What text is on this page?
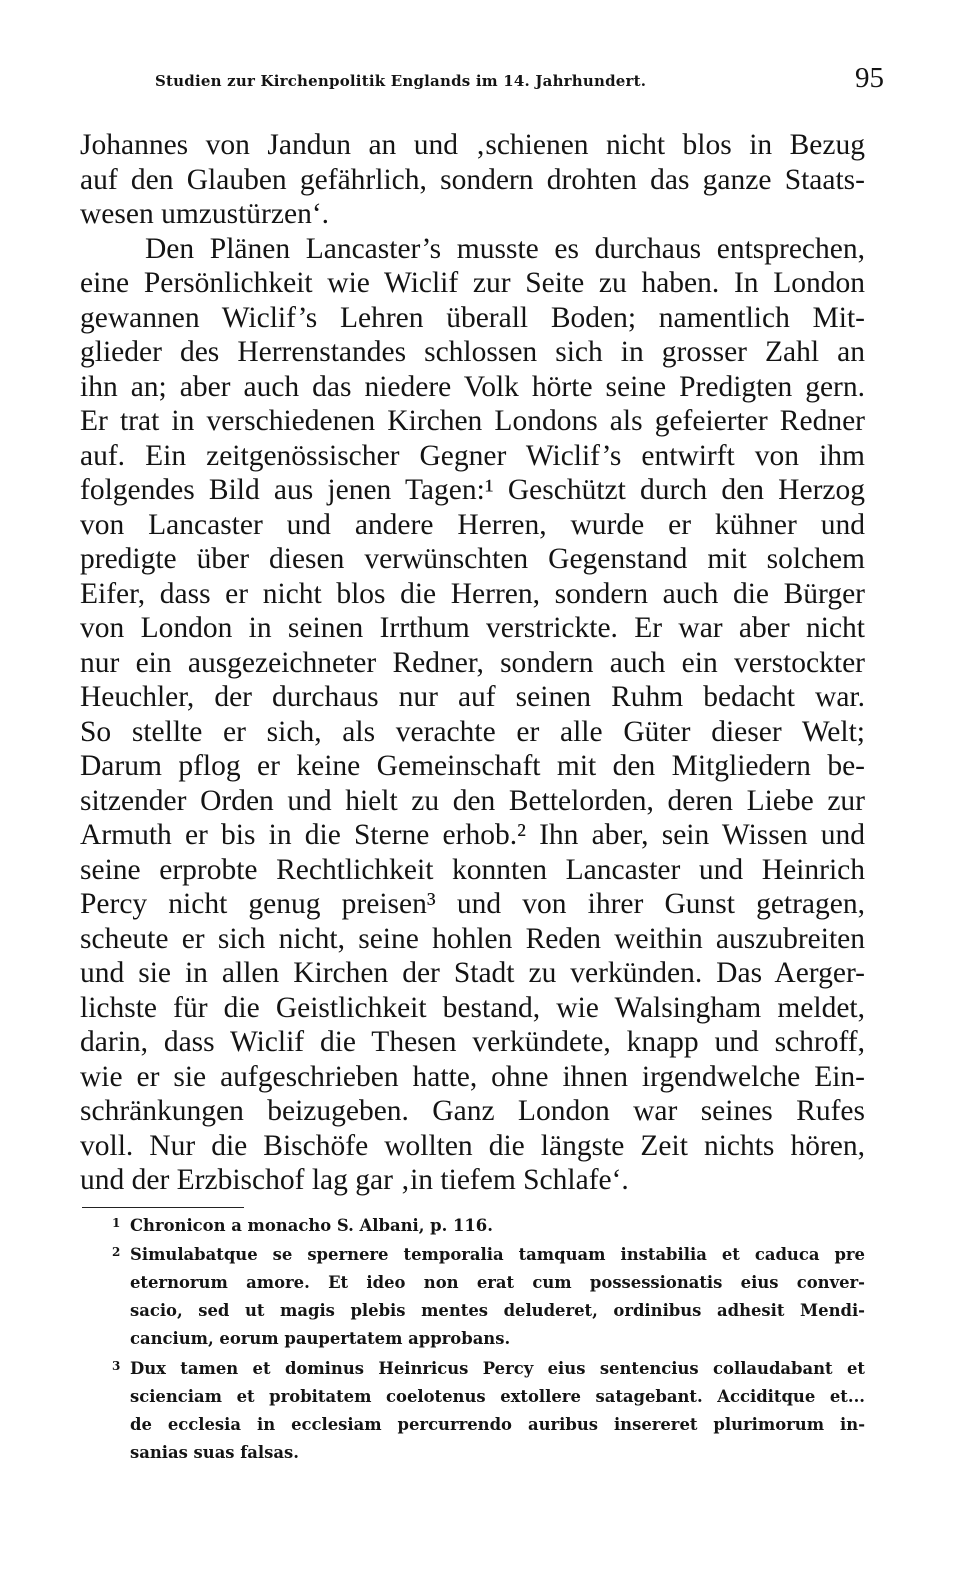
Studien zur Kirchenpolitik Englands im 14. Jahrhundert.	95
Johannes von Jandun an und ‚schienen nicht blos in Bezug
auf den Glauben gefährlich, sondern drohten das ganze Staats-
wesen umzustürzen‘.
Den Plänen Lancaster’s musste es durchaus entsprechen,
eine Persönlichkeit wie Wiclif zur Seite zu haben. In London
gewannen Wiclif’s Lehren überall Boden; namentlich Mit-
glieder des Herrenstandes schlossen sich in grosser Zahl an
ihn an; aber auch das niedere Volk hörte seine Predigten gern.
Er trat in verschiedenen Kirchen Londons als gefeierter Redner
auf. Ein zeitgenössischer Gegner Wiclif’s entwirft von ihm
folgendes Bild aus jenen Tagen:¹ Geschützt durch den Herzog
von Lancaster und andere Herren, wurde er kühner und
predigte über diesen verwünschten Gegenstand mit solchem
Eifer, dass er nicht blos die Herren, sondern auch die Bürger
von London in seinen Irrthum verstrickte. Er war aber nicht
nur ein ausgezeichneter Redner, sondern auch ein verstockter
Heuchler, der durchaus nur auf seinen Ruhm bedacht war.
So stellte er sich, als verachte er alle Güter dieser Welt;
Darum pflog er keine Gemeinschaft mit den Mitgliedern be-
sitzender Orden und hielt zu den Bettelorden, deren Liebe zur
Armuth er bis in die Sterne erhob.² Ihn aber, sein Wissen und
seine erprobte Rechtlichkeit konnten Lancaster und Heinrich
Percy nicht genug preisen³ und von ihrer Gunst getragen,
scheute er sich nicht, seine hohlen Reden weithin auszubreiten
und sie in allen Kirchen der Stadt zu verkünden. Das Aerger-
lichste für die Geistlichkeit bestand, wie Walsingham meldet,
darin, dass Wiclif die Thesen verkündete, knapp und schroff,
wie er sie aufgeschrieben hatte, ohne ihnen irgendwelche Ein-
schränkungen beizugeben. Ganz London war seines Rufes
voll. Nur die Bischöfe wollten die längste Zeit nichts hören,
und der Erzbischof lag gar ‚in tiefem Schlafe‘.
1 Chronicon a monacho S. Albani, p. 116.
2 Simulabatque se spernere temporalia tamquam instabilia et caduca pre
eternorum amore. Et ideo non erat cum possessionatis eius conver-
sacio, sed ut magis plebis mentes deluderet, ordinibus adhesit Mendi-
cancium, eorum paupertatem approbans.
3 Dux tamen et dominus Heinricus Percy eius sentencius collaudabant et
scienciam et probitatem coelotenus extollere satagebant. Acciditque et...
de ecclesia in ecclesiam percurrendo auribus insereret plurimorum in-
sanias suas falsas.
